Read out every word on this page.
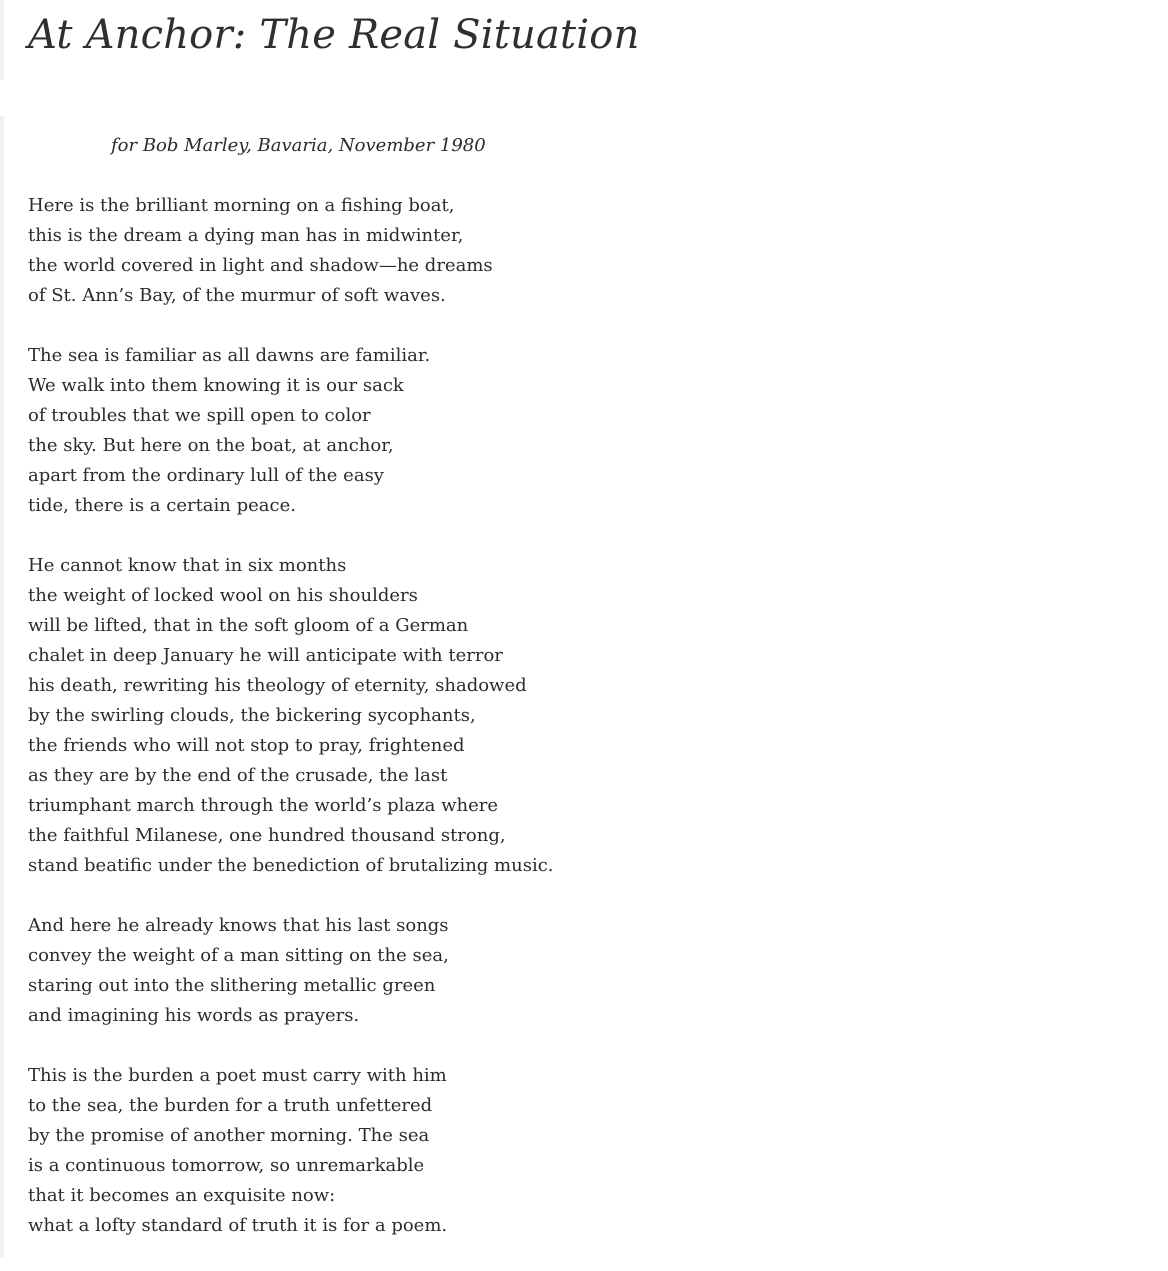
At Anchor: The Real Situation

for Bob Marley, Bavaria, November 1980

Here is the brilliant morning on a fishing boat,
this is the dream a dying man has in midwinter,
the world covered in light and shadow—he dreams
of St. Ann’s Bay, of the murmur of soft waves.
The sea is familiar as all dawns are familiar.
We walk into them knowing it is our sack
of troubles that we spill open to color
the sky. But here on the boat, at anchor,
apart from the ordinary lull of the easy
tide, there is a certain peace.
He cannot know that in six months
the weight of locked wool on his shoulders
will be lifted, that in the soft gloom of a German
chalet in deep January he will anticipate with terror
his death, rewriting his theology of eternity, shadowed
by the swirling clouds, the bickering sycophants,
the friends who will not stop to pray, frightened
as they are by the end of the crusade, the last
triumphant march through the world’s plaza where
the faithful Milanese, one hundred thousand strong,
stand beatific under the benediction of brutalizing music.
And here he already knows that his last songs
convey the weight of a man sitting on the sea,
staring out into the slithering metallic green
and imagining his words as prayers.
This is the burden a poet must carry with him
to the sea, the burden for a truth unfettered
by the promise of another morning. The sea
is a continuous tomorrow, so unremarkable
that it becomes an exquisite now:
what a lofty standard of truth it is for a poem.
